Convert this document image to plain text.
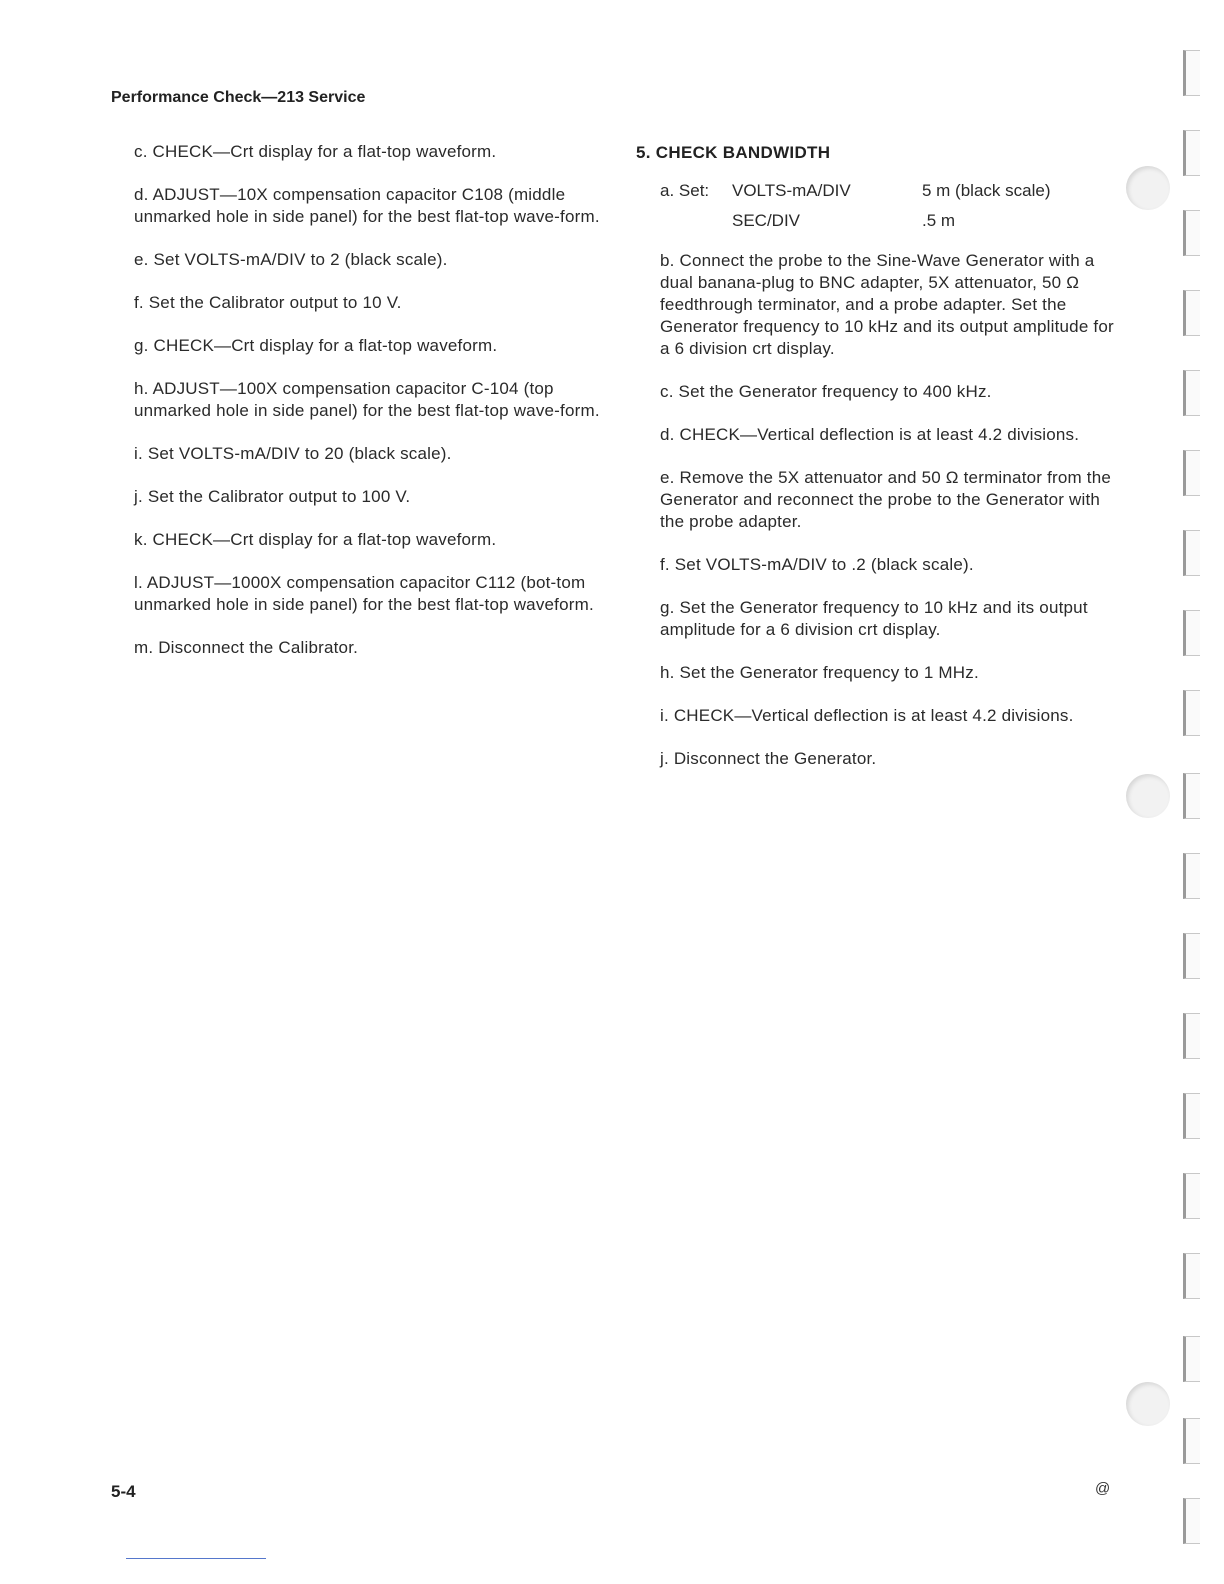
Performance Check—213 Service

c. CHECK—Crt display for a flat-top waveform.

d. ADJUST—10X compensation capacitor C108 (middle unmarked hole in side panel) for the best flat-top wave-form.

e. Set VOLTS-mA/DIV to 2 (black scale).

f. Set the Calibrator output to 10 V.

g. CHECK—Crt display for a flat-top waveform.

h. ADJUST—100X compensation capacitor C-104 (top unmarked hole in side panel) for the best flat-top wave-form.

i. Set VOLTS-mA/DIV to 20 (black scale).

j. Set the Calibrator output to 100 V.

k. CHECK—Crt display for a flat-top waveform.

l. ADJUST—1000X compensation capacitor C112 (bot-tom unmarked hole in side panel) for the best flat-top waveform.

m. Disconnect the Calibrator.

5. CHECK BANDWIDTH
a. Set: VOLTS-mA/DIV	5 m (black scale)
SEC/DIV	.5 m

b. Connect the probe to the Sine-Wave Generator with a dual banana-plug to BNC adapter, 5X attenuator, 50 Ω feedthrough terminator, and a probe adapter. Set the Generator frequency to 10 kHz and its output amplitude for a 6 division crt display.

c. Set the Generator frequency to 400 kHz.

d. CHECK—Vertical deflection is at least 4.2 divisions.

e. Remove the 5X attenuator and 50 Ω terminator from the Generator and reconnect the probe to the Generator with the probe adapter.

f. Set VOLTS-mA/DIV to .2 (black scale).

g. Set the Generator frequency to 10 kHz and its output amplitude for a 6 division crt display.

h. Set the Generator frequency to 1 MHz.

i. CHECK—Vertical deflection is at least 4.2 divisions.

j. Disconnect the Generator.

5-4	@
